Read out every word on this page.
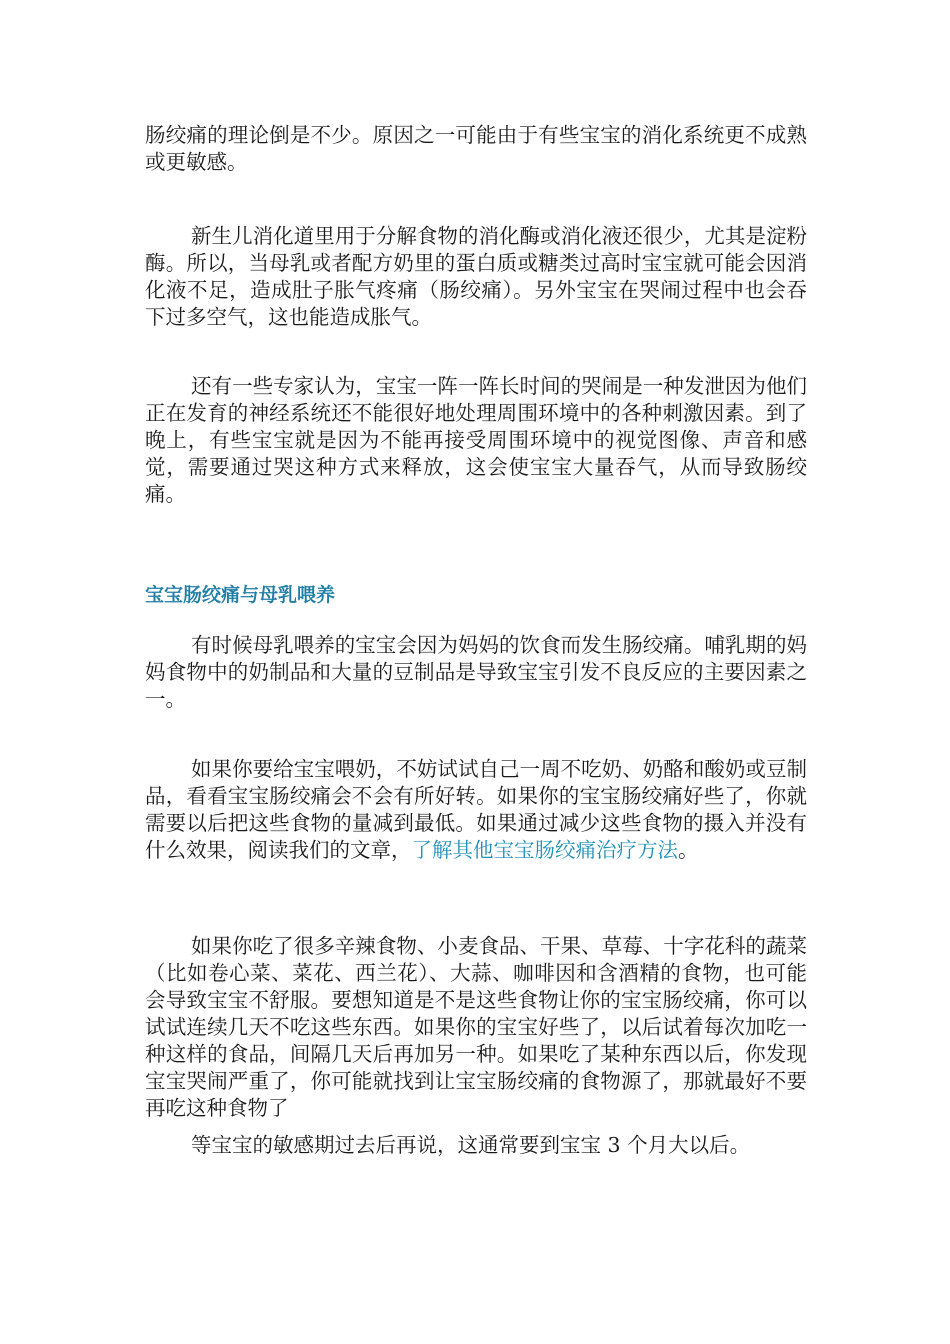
肠绞痛的理论倒是不少。原因之一可能由于有些宝宝的消化系统更不成熟或更敏感。

新生儿消化道里用于分解食物的消化酶或消化液还很少，尤其是淀粉酶。所以，当母乳或者配方奶里的蛋白质或糖类过高时宝宝就可能会因消化液不足，造成肚子胀气疼痛（肠绞痛）。另外宝宝在哭闹过程中也会吞下过多空气，这也能造成胀气。

还有一些专家认为，宝宝一阵一阵长时间的哭闹是一种发泄因为他们正在发育的神经系统还不能很好地处理周围环境中的各种刺激因素。到了晚上，有些宝宝就是因为不能再接受周围环境中的视觉图像、声音和感觉，需要通过哭这种方式来释放，这会使宝宝大量吞气，从而导致肠绞痛。

宝宝肠绞痛与母乳喂养

有时候母乳喂养的宝宝会因为妈妈的饮食而发生肠绞痛。哺乳期的妈妈食物中的奶制品和大量的豆制品是导致宝宝引发不良反应的主要因素之一。

如果你要给宝宝喂奶，不妨试试自己一周不吃奶、奶酪和酸奶或豆制品，看看宝宝肠绞痛会不会有所好转。如果你的宝宝肠绞痛好些了，你就需要以后把这些食物的量减到最低。如果通过减少这些食物的摄入并没有什么效果，阅读我们的文章，了解其他宝宝肠绞痛治疗方法。

如果你吃了很多辛辣食物、小麦食品、干果、草莓、十字花科的蔬菜（比如卷心菜、菜花、西兰花）、大蒜、咖啡因和含酒精的食物，也可能会导致宝宝不舒服。要想知道是不是这些食物让你的宝宝肠绞痛，你可以试试连续几天不吃这些东西。如果你的宝宝好些了，以后试着每次加吃一种这样的食品，间隔几天后再加另一种。如果吃了某种东西以后，你发现宝宝哭闹严重了，你可能就找到让宝宝肠绞痛的食物源了，那就最好不要再吃这种食物了
等宝宝的敏感期过去后再说，这通常要到宝宝 3 个月大以后。
